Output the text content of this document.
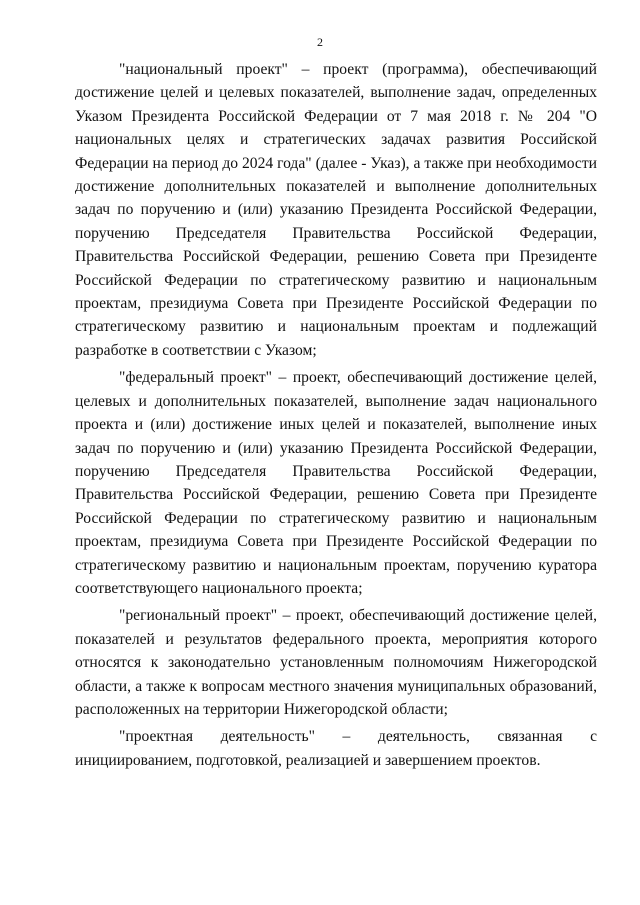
2

"национальный проект" – проект (программа), обеспечивающий достижение целей и целевых показателей, выполнение задач, определенных Указом Президента Российской Федерации от 7 мая 2018 г. № 204 "О национальных целях и стратегических задачах развития Российской Федерации на период до 2024 года" (далее - Указ), а также при необходимости достижение дополнительных показателей и выполнение дополнительных задач по поручению и (или) указанию Президента Российской Федерации, поручению Председателя Правительства Российской Федерации, Правительства Российской Федерации, решению Совета при Президенте Российской Федерации по стратегическому развитию и национальным проектам, президиума Совета при Президенте Российской Федерации по стратегическому развитию и национальным проектам и подлежащий разработке в соответствии с Указом;

"федеральный проект" – проект, обеспечивающий достижение целей, целевых и дополнительных показателей, выполнение задач национального проекта и (или) достижение иных целей и показателей, выполнение иных задач по поручению и (или) указанию Президента Российской Федерации, поручению Председателя Правительства Российской Федерации, Правительства Российской Федерации, решению Совета при Президенте Российской Федерации по стратегическому развитию и национальным проектам, президиума Совета при Президенте Российской Федерации по стратегическому развитию и национальным проектам, поручению куратора соответствующего национального проекта;

"региональный проект" – проект, обеспечивающий достижение целей, показателей и результатов федерального проекта, мероприятия которого относятся к законодательно установленным полномочиям Нижегородской области, а также к вопросам местного значения муниципальных образований, расположенных на территории Нижегородской области;

"проектная деятельность" – деятельность, связанная с инициированием, подготовкой, реализацией и завершением проектов.
